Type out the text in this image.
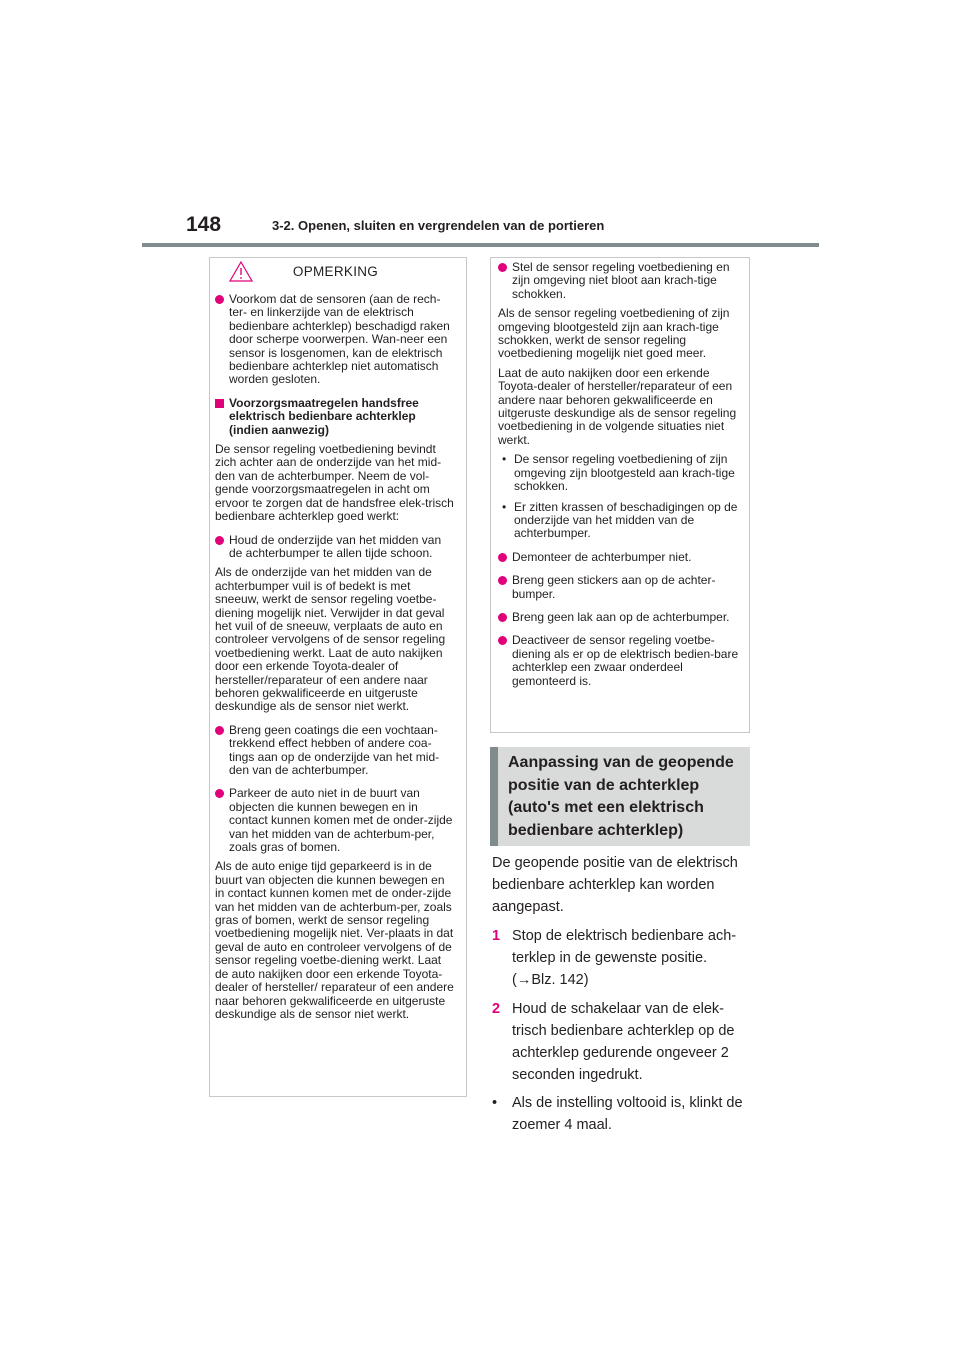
148	3-2. Openen, sluiten en vergrendelen van de portieren
OPMERKING
Voorkom dat de sensoren (aan de rech-ter- en linkerzijde van de elektrisch bedienbare achterklep) beschadigd raken door scherpe voorwerpen. Wan-neer een sensor is losgenomen, kan de elektrisch bedienbare achterklep niet automatisch worden gesloten.
Voorzorgsmaatregelen handsfree elektrisch bedienbare achterklep (indien aanwezig)

De sensor regeling voetbediening bevindt zich achter aan de onderzijde van het mid-den van de achterbumper. Neem de vol-gende voorzorgsmaatregelen in acht om ervoor te zorgen dat de handsfree elek-trisch bedienbare achterklep goed werkt:

Houd de onderzijde van het midden van de achterbumper te allen tijde schoon.

Als de onderzijde van het midden van de achterbumper vuil is of bedekt is met sneeuw, werkt de sensor regeling voetbe-diening mogelijk niet. Verwijder in dat geval het vuil of de sneeuw, verplaats de auto en controleer vervolgens of de sensor regeling voetbediening werkt. Laat de auto nakijken door een erkende Toyota-dealer of hersteller/reparateur of een andere naar behoren gekwalificeerde en uitgeruste deskundige als de sensor niet werkt.

Breng geen coatings die een vochtaan-trekkend effect hebben of andere coa-tings aan op de onderzijde van het mid-den van de achterbumper.
Parkeer de auto niet in de buurt van objecten die kunnen bewegen en in contact kunnen komen met de onder-zijde van het midden van de achterbum-per, zoals gras of bomen.

Als de auto enige tijd geparkeerd is in de buurt van objecten die kunnen bewegen en in contact kunnen komen met de onder-zijde van het midden van de achterbum-per, zoals gras of bomen, werkt de sensor regeling voetbediening mogelijk niet. Ver-plaats in dat geval de auto en controleer vervolgens of de sensor regeling voetbe-diening werkt. Laat de auto nakijken door een erkende Toyota-dealer of hersteller/ reparateur of een andere naar behoren gekwalificeerde en uitgeruste deskundige als de sensor niet werkt.

Stel de sensor regeling voetbediening en zijn omgeving niet bloot aan krach-tige schokken.

Als de sensor regeling voetbediening of zijn omgeving blootgesteld zijn aan krach-tige schokken, werkt de sensor regeling voetbediening mogelijk niet goed meer.

Laat de auto nakijken door een erkende Toyota-dealer of hersteller/reparateur of een andere naar behoren gekwalificeerde en uitgeruste deskundige als de sensor regeling voetbediening in de volgende situaties niet werkt.

• De sensor regeling voetbediening of zijn omgeving zijn blootgesteld aan krach-tige schokken.
• Er zitten krassen of beschadigingen op de onderzijde van het midden van de achterbumper.
Demonteer de achterbumper niet.
Breng geen stickers aan op de achter-bumper.
Breng geen lak aan op de achterbumper.
Deactiveer de sensor regeling voetbe-diening als er op de elektrisch bedien-bare achterklep een zwaar onderdeel gemonteerd is.
Aanpassing van de geopende positie van de achterklep (auto's met een elektrisch bedienbare achterklep)
De geopende positie van de elektrisch bedienbare achterklep kan worden aangepast.
1 Stop de elektrisch bedienbare ach-terklep in de gewenste positie. (→Blz. 142)
2 Houd de schakelaar van de elek-trisch bedienbare achterklep op de achterklep gedurende ongeveer 2 seconden ingedrukt.
•	Als de instelling voltooid is, klinkt de zoemer 4 maal.
